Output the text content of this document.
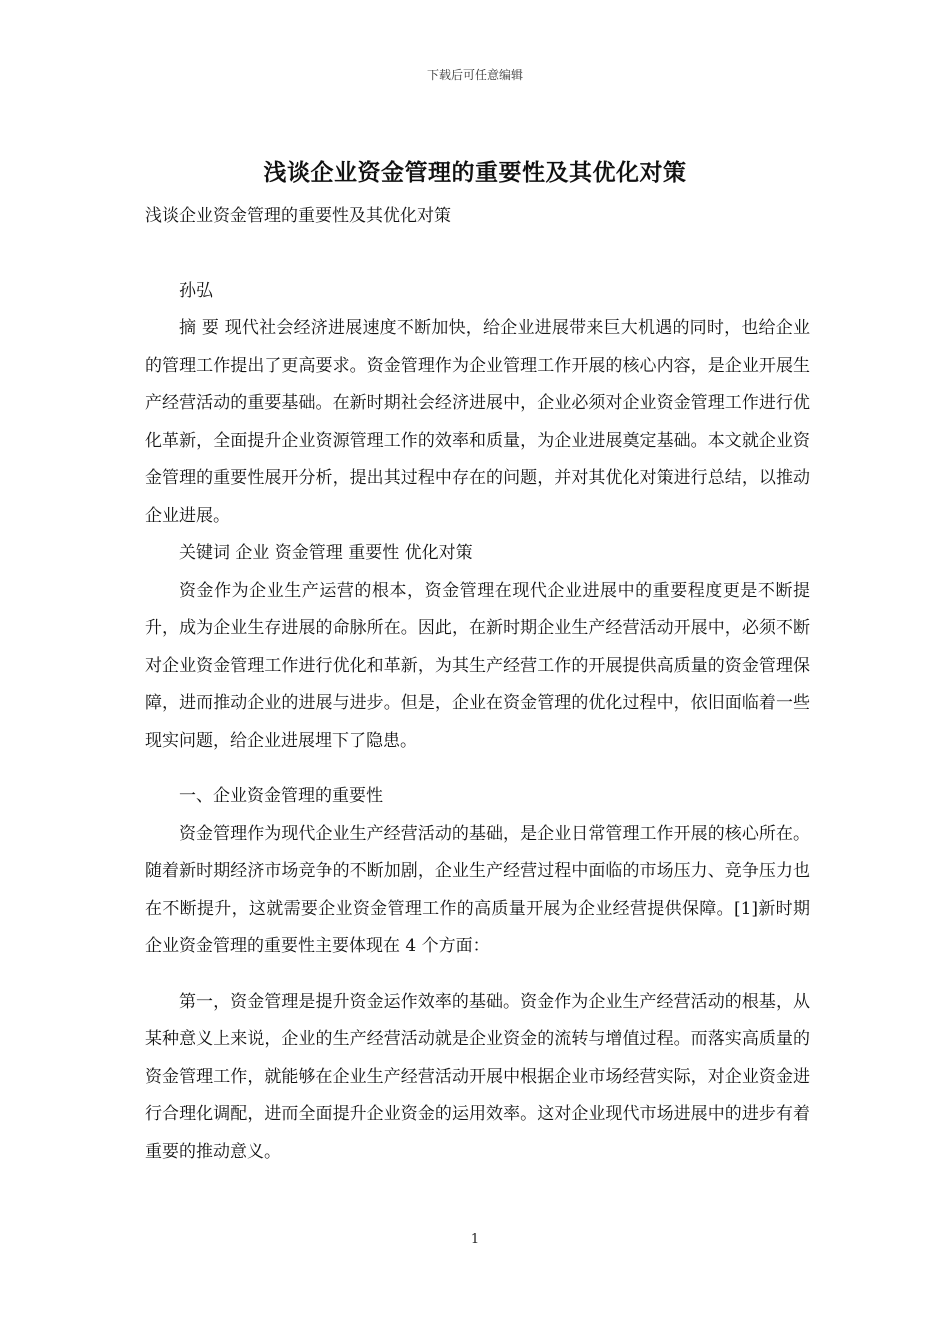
下载后可任意编辑
浅谈企业资金管理的重要性及其优化对策

浅谈企业资金管理的重要性及其优化对策

孙弘

摘 要 现代社会经济进展速度不断加快，给企业进展带来巨大机遇的同时，也给企业的管理工作提出了更高要求。资金管理作为企业管理工作开展的核心内容，是企业开展生产经营活动的重要基础。在新时期社会经济进展中，企业必须对企业资金管理工作进行优化革新，全面提升企业资源管理工作的效率和质量，为企业进展奠定基础。本文就企业资金管理的重要性展开分析，提出其过程中存在的问题，并对其优化对策进行总结，以推动企业进展。

关键词 企业 资金管理 重要性 优化对策

资金作为企业生产运营的根本，资金管理在现代企业进展中的重要程度更是不断提升，成为企业生存进展的命脉所在。因此，在新时期企业生产经营活动开展中，必须不断对企业资金管理工作进行优化和革新，为其生产经营工作的开展提供高质量的资金管理保障，进而推动企业的进展与进步。但是，企业在资金管理的优化过程中，依旧面临着一些现实问题，给企业进展埋下了隐患。

一、企业资金管理的重要性

资金管理作为现代企业生产经营活动的基础，是企业日常管理工作开展的核心所在。随着新时期经济市场竞争的不断加剧，企业生产经营过程中面临的市场压力、竞争压力也在不断提升，这就需要企业资金管理工作的高质量开展为企业经营提供保障。[1]新时期企业资金管理的重要性主要体现在 4 个方面：

第一，资金管理是提升资金运作效率的基础。资金作为企业生产经营活动的根基，从某种意义上来说，企业的生产经营活动就是企业资金的流转与增值过程。而落实高质量的资金管理工作，就能够在企业生产经营活动开展中根据企业市场经营实际，对企业资金进行合理化调配，进而全面提升企业资金的运用效率。这对企业现代市场进展中的进步有着重要的推动意义。

1
